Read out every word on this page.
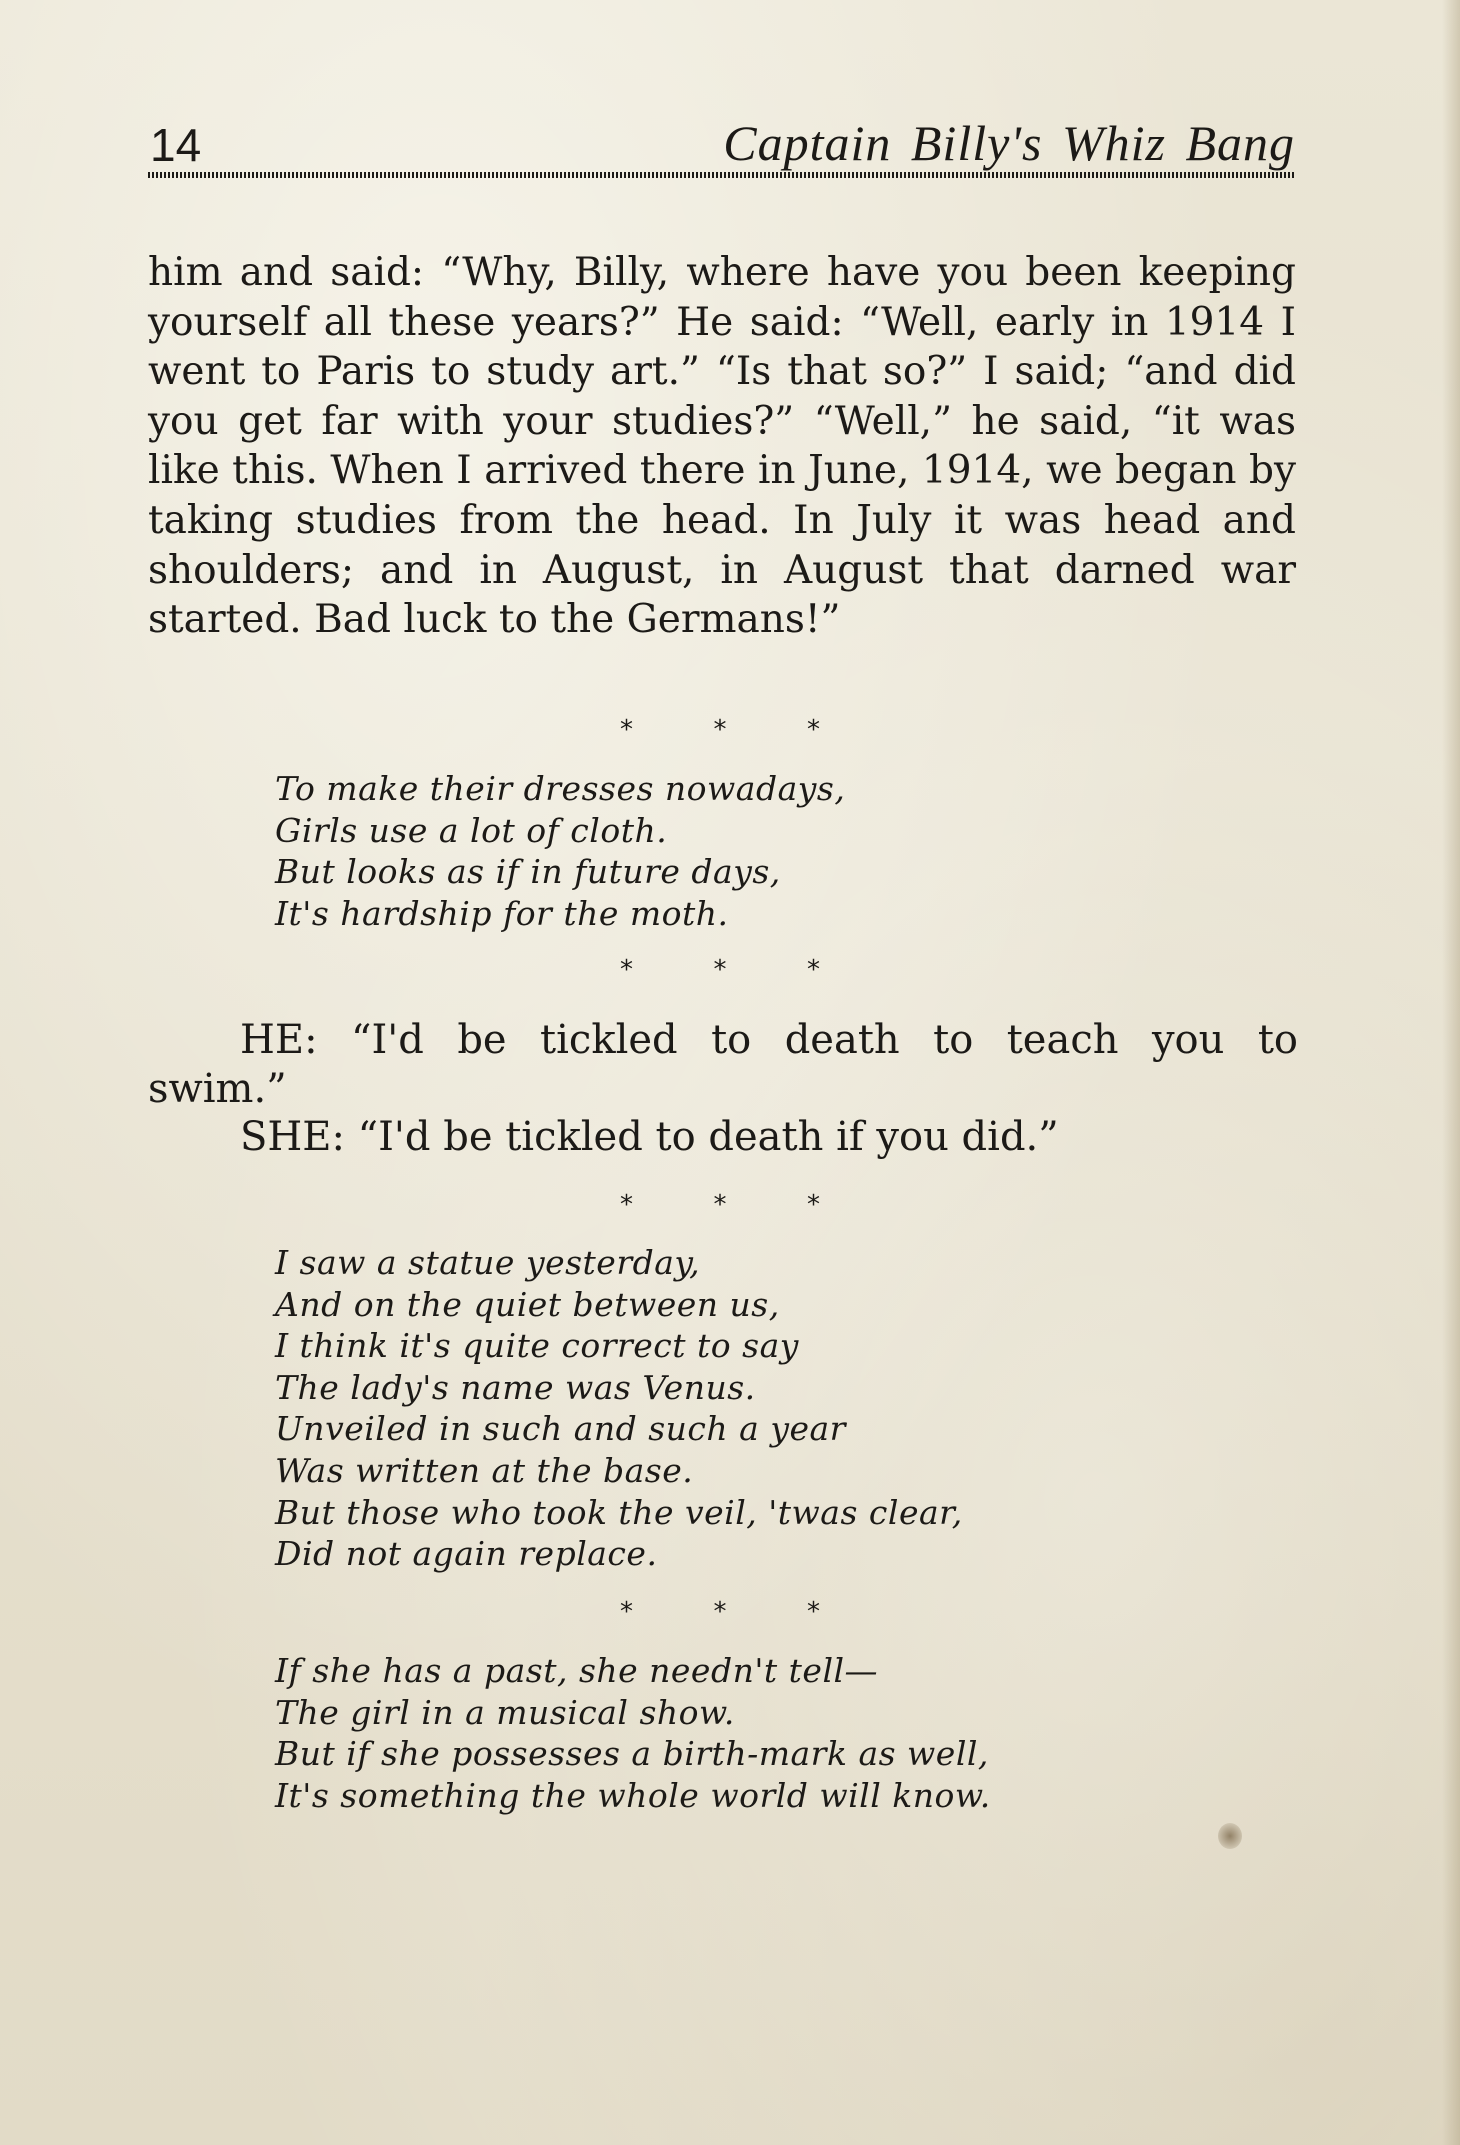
14	Captain Billy's Whiz Bang

him and said: “Why, Billy, where have you been keeping yourself all these years?” He said: “Well, early in 1914 I went to Paris to study art.” “Is that so?” I said; “and did you get far with your studies?” “Well,” he said, “it was like this. When I arrived there in June, 1914, we began by taking studies from the head. In July it was head and shoulders; and in August, in August that darned war started. Bad luck to the Germans!”

*	*	*
To make their dresses nowadays,
Girls use a lot of cloth.
But looks as if in future days,
It's hardship for the moth.
*	*	*

HE: “I'd be tickled to death to teach you to swim.”

SHE: “I'd be tickled to death if you did.”

*	*	*
I saw a statue yesterday,
And on the quiet between us,
I think it's quite correct to say
The lady's name was Venus.
Unveiled in such and such a year
Was written at the base.
But those who took the veil, 'twas clear,
Did not again replace.
*	*	*
If she has a past, she needn't tell—
The girl in a musical show.
But if she possesses a birth-mark as well,
It's something the whole world will know.
